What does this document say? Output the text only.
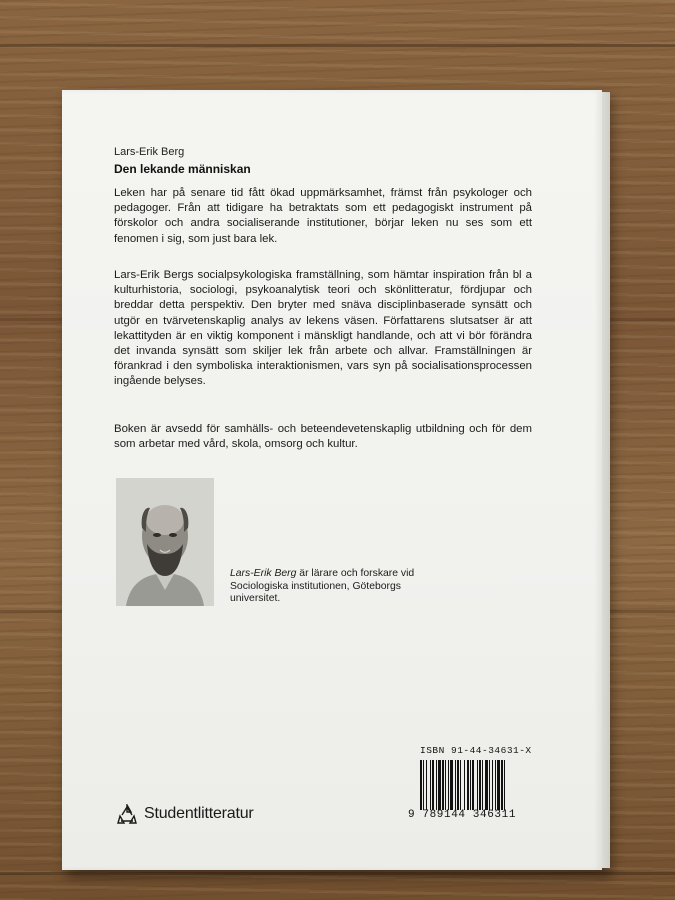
Lars-Erik Berg
Den lekande människan

Leken har på senare tid fått ökad uppmärksamhet, främst från psykologer och pedagoger. Från att tidigare ha betraktats som ett pedagogiskt instrument på förskolor och andra socialiserande institutioner, börjar leken nu ses som ett fenomen i sig, som just bara lek.

Lars-Erik Bergs socialpsykologiska framställning, som hämtar inspiration från bl a kulturhistoria, sociologi, psykoanalytisk teori och skönlitteratur, fördjupar och breddar detta perspektiv. Den bryter med snäva disciplinbaserade synsätt och utgör en tvärvetenskaplig analys av lekens väsen. Författarens slutsatser är att lekattityden är en viktig komponent i mänskligt handlande, och att vi bör förändra det invanda synsätt som skiljer lek från arbete och allvar. Framställningen är förankrad i den symboliska interaktionismen, vars syn på socialisationsprocessen ingående belyses.

Boken är avsedd för samhälls- och beteendevetenskaplig utbildning och för dem som arbetar med vård, skola, omsorg och kultur.

Lars-Erik Berg är lärare och forskare vid Sociologiska institutionen, Göteborgs universitet.
Studentlitteratur
ISBN 91-44-34631-X
9 789144 346311
